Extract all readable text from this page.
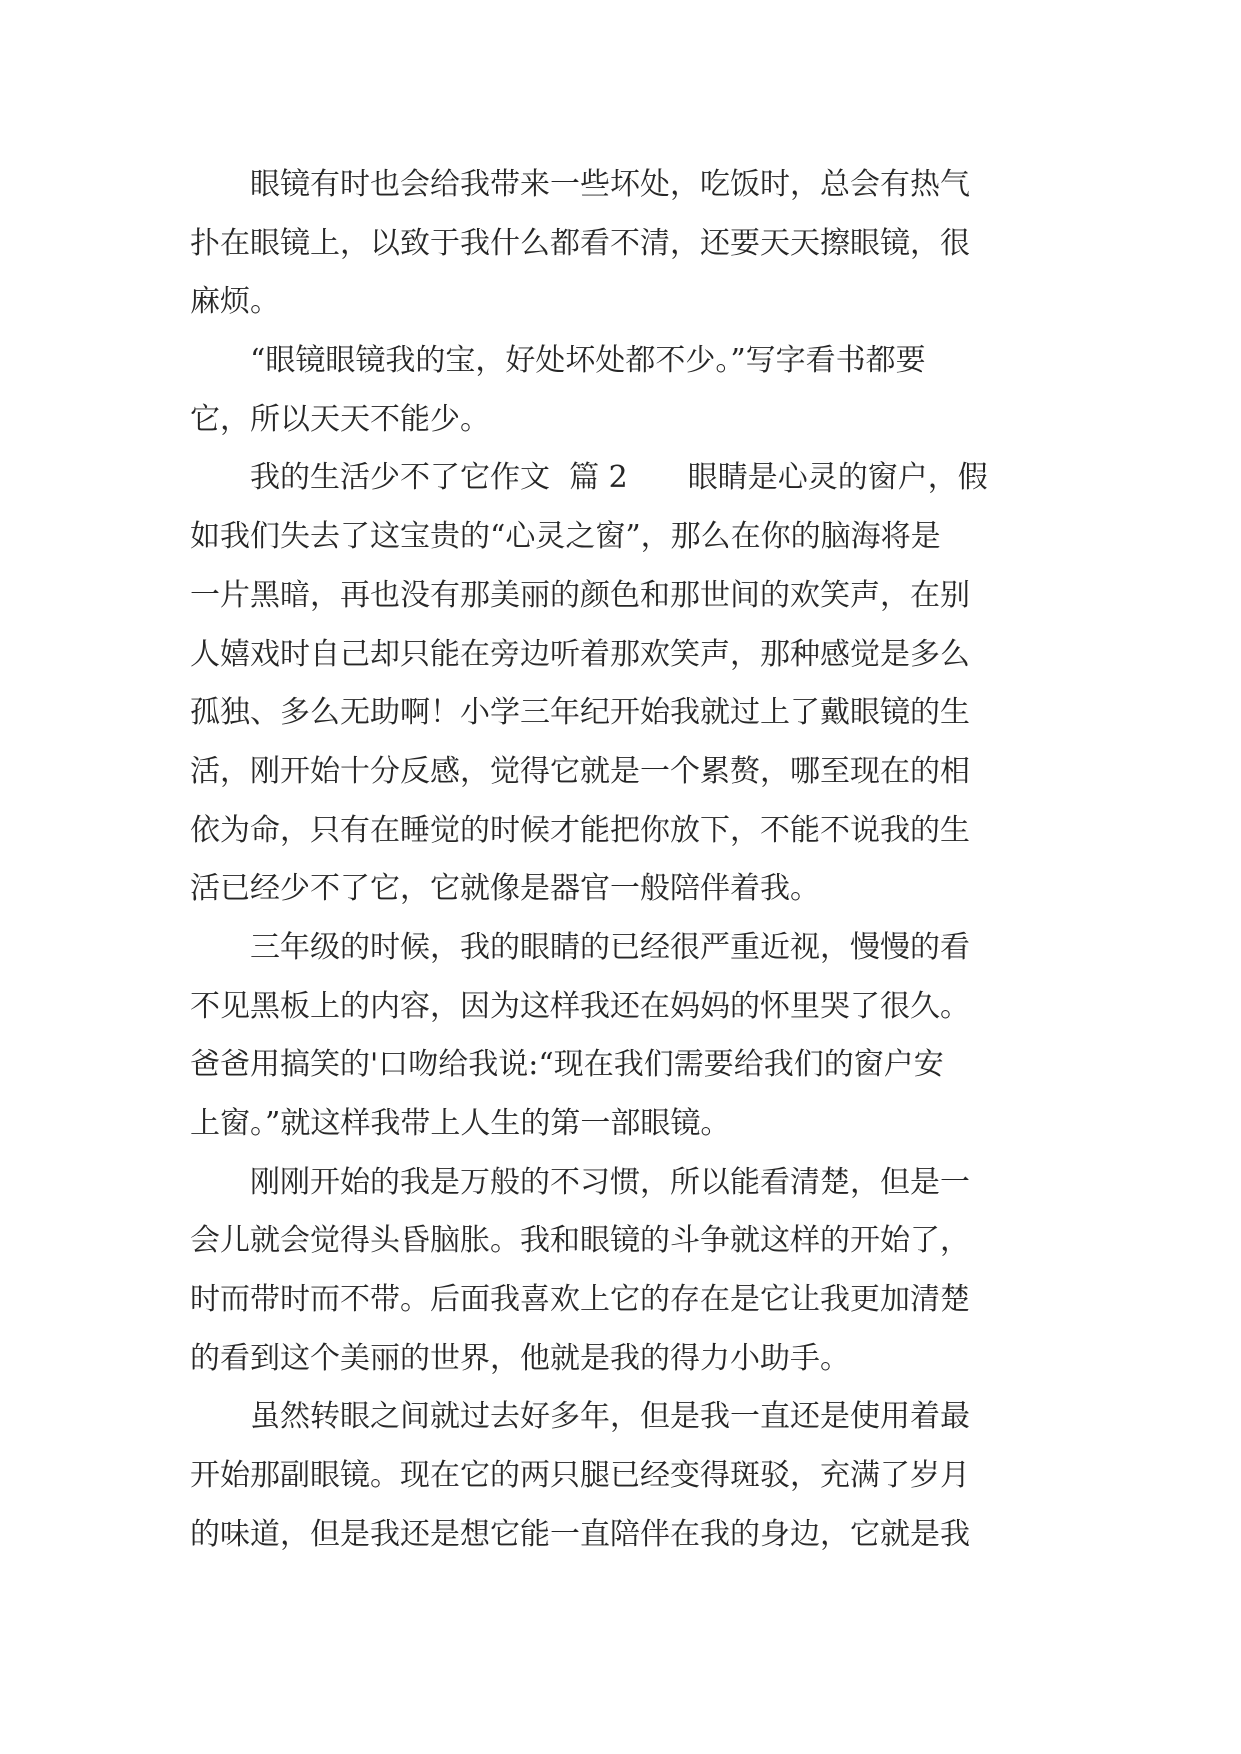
　　眼镜有时也会给我带来一些坏处，吃饭时，总会有热气
扑在眼镜上，以致于我什么都看不清，还要天天擦眼镜，很
麻烦。
　　“眼镜眼镜我的宝，好处坏处都不少。”写字看书都要
它，所以天天不能少。
　　我的生活少不了它作文  篇 2　　眼睛是心灵的窗户，假
如我们失去了这宝贵的“心灵之窗”，那么在你的脑海将是
一片黑暗，再也没有那美丽的颜色和那世间的欢笑声，在别
人嬉戏时自己却只能在旁边听着那欢笑声，那种感觉是多么
孤独、多么无助啊！小学三年纪开始我就过上了戴眼镜的生
活，刚开始十分反感，觉得它就是一个累赘，哪至现在的相
依为命，只有在睡觉的时候才能把你放下，不能不说我的生
活已经少不了它，它就像是器官一般陪伴着我。
　　三年级的时候，我的眼睛的已经很严重近视，慢慢的看
不见黑板上的内容，因为这样我还在妈妈的怀里哭了很久。
爸爸用搞笑的'口吻给我说:“现在我们需要给我们的窗户安
上窗。”就这样我带上人生的第一部眼镜。
　　刚刚开始的我是万般的不习惯，所以能看清楚，但是一
会儿就会觉得头昏脑胀。我和眼镜的斗争就这样的开始了，
时而带时而不带。后面我喜欢上它的存在是它让我更加清楚
的看到这个美丽的世界，他就是我的得力小助手。
　　虽然转眼之间就过去好多年，但是我一直还是使用着最
开始那副眼镜。现在它的两只腿已经变得斑驳，充满了岁月
的味道，但是我还是想它能一直陪伴在我的身边，它就是我
